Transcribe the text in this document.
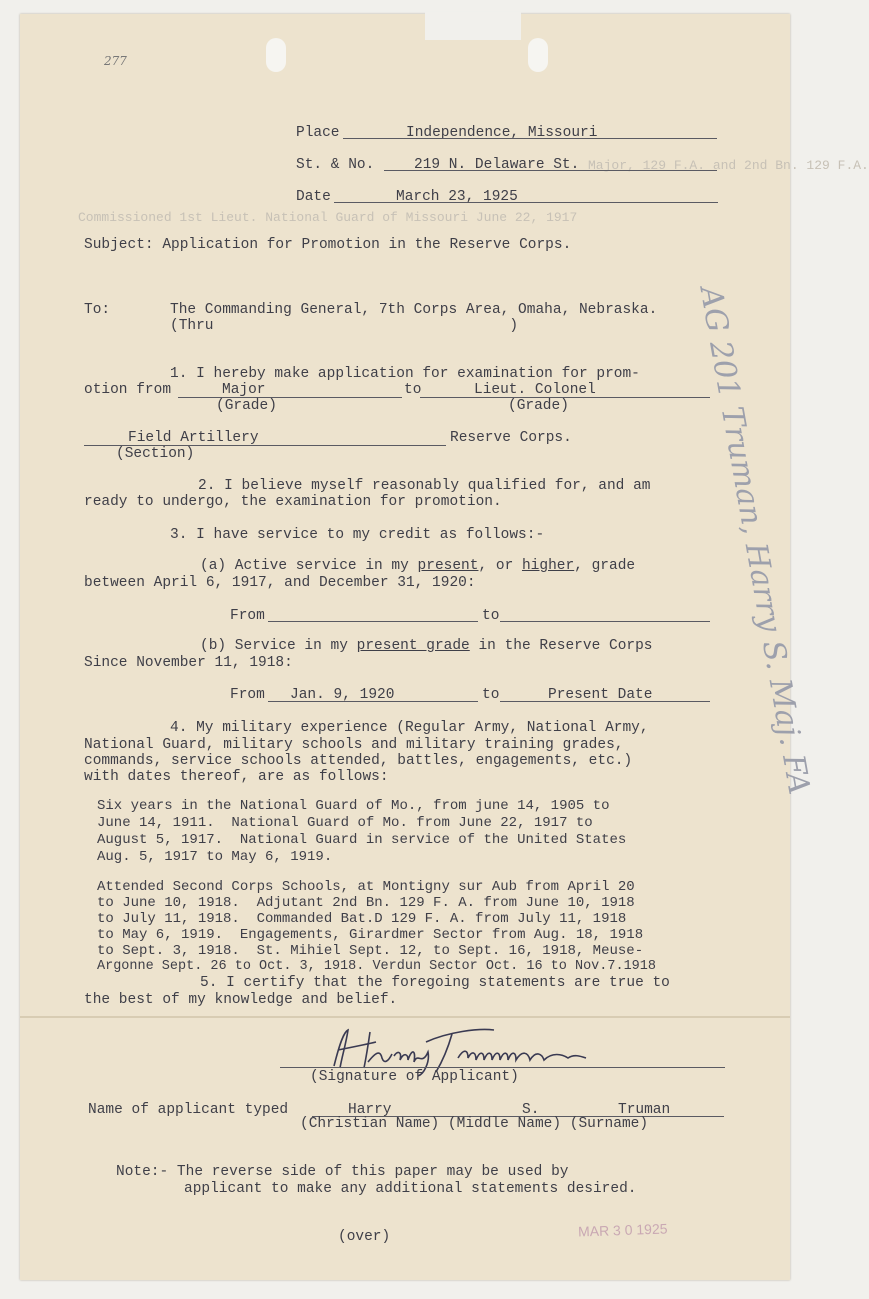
277
Major, 129 F.A. and 2nd Bn. 129 F.A.
Commissioned 1st Lieut. National Guard of Missouri June 22, 1917
Place	Independence, Missouri
St. & No.	219 N. Delaware St.
Date	March 23, 1925
Subject: Application for Promotion in the Reserve Corps.
To:	The Commanding General, 7th Corps Area, Omaha, Nebraska.
(Thru                                  )
1. I hereby make application for examination for prom-
otion from	Major	to	Lieut. Colonel
(Grade)	(Grade)
Field Artillery	Reserve Corps.
(Section)
2. I believe myself reasonably qualified for, and am
ready to undergo, the examination for promotion.
3. I have service to my credit as follows:-
(a) Active service in my present, or higher, grade
between April 6, 1917, and December 31, 1920:
From	to
(b) Service in my present grade in the Reserve Corps
Since November 11, 1918:
From Jan. 9, 1920	to	Present Date
4. My military experience (Regular Army, National Army,
National Guard, military schools and military training grades,
commands, service schools attended, battles, engagements, etc.)
with dates thereof, are as follows:
Six years in the National Guard of Mo., from june 14, 1905 to
June 14, 1911.  National Guard of Mo. from June 22, 1917 to
August 5, 1917.  National Guard in service of the United States
Aug. 5, 1917 to May 6, 1919.
Attended Second Corps Schools, at Montigny sur Aub from April 20
to June 10, 1918.  Adjutant 2nd Bn. 129 F. A. from June 10, 1918
to July 11, 1918.  Commanded Bat.D 129 F. A. from July 11, 1918
to May 6, 1919.  Engagements, Girardmer Sector from Aug. 18, 1918
to Sept. 3, 1918.  St. Mihiel Sept. 12, to Sept. 16, 1918, Meuse-
Argonne Sept. 26 to Oct. 3, 1918. Verdun Sector Oct. 16 to Nov.7.1918
5. I certify that the foregoing statements are true to
the best of my knowledge and belief.
(Signature of Applicant)
Name of applicant typed	Harry	S.	Truman
(Christian Name) (Middle Name) (Surname)
Note:- The reverse side of this paper may be used by
applicant to make any additional statements desired.
(over)	MAR 3 0 1925
AG 201 Truman, Harry S. Maj. FA
